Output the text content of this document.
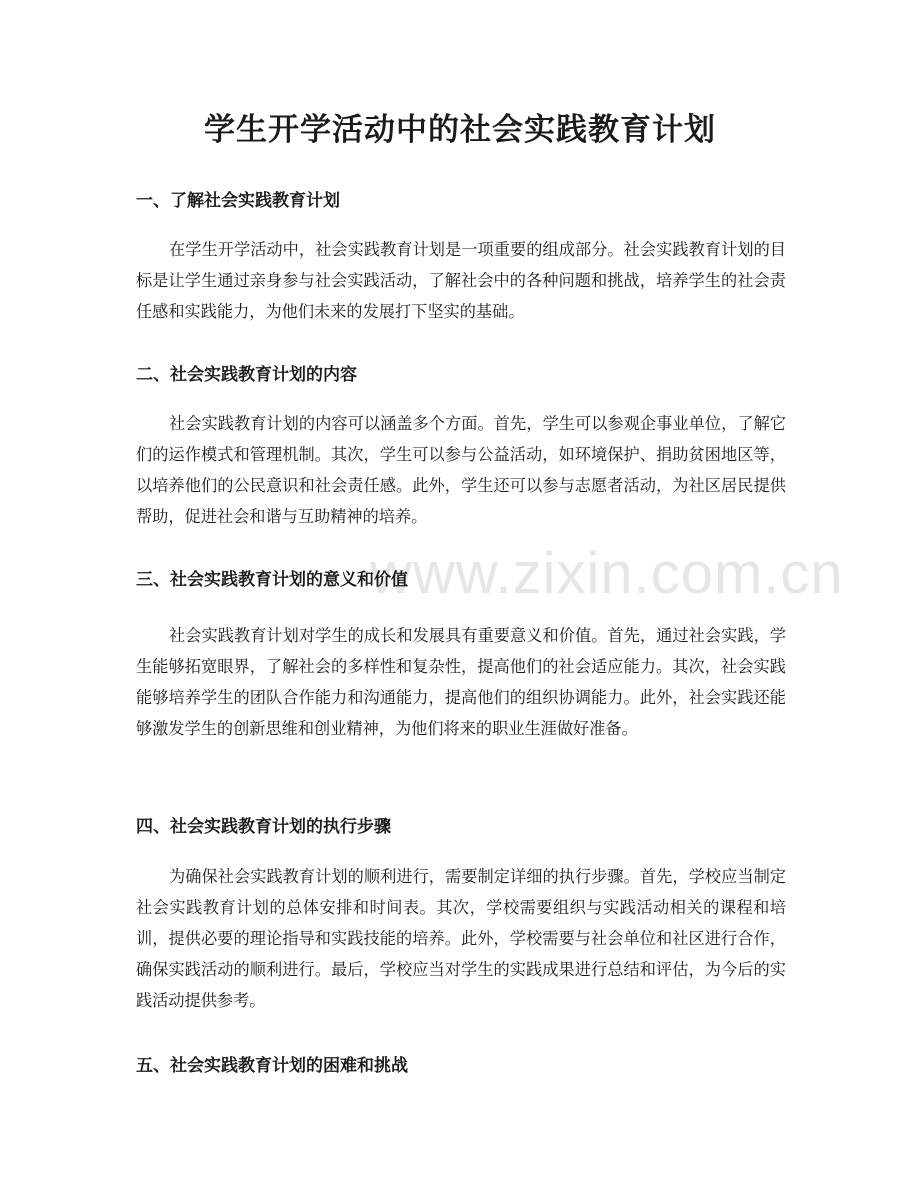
www.zixin.com.cn
学生开学活动中的社会实践教育计划
一、了解社会实践教育计划

在学生开学活动中，社会实践教育计划是一项重要的组成部分。社会实践教育计划的目标是让学生通过亲身参与社会实践活动，了解社会中的各种问题和挑战，培养学生的社会责任感和实践能力，为他们未来的发展打下坚实的基础。

二、社会实践教育计划的内容

社会实践教育计划的内容可以涵盖多个方面。首先，学生可以参观企事业单位，了解它们的运作模式和管理机制。其次，学生可以参与公益活动，如环境保护、捐助贫困地区等，以培养他们的公民意识和社会责任感。此外，学生还可以参与志愿者活动，为社区居民提供帮助，促进社会和谐与互助精神的培养。

三、社会实践教育计划的意义和价值

社会实践教育计划对学生的成长和发展具有重要意义和价值。首先，通过社会实践，学生能够拓宽眼界，了解社会的多样性和复杂性，提高他们的社会适应能力。其次，社会实践能够培养学生的团队合作能力和沟通能力，提高他们的组织协调能力。此外，社会实践还能够激发学生的创新思维和创业精神，为他们将来的职业生涯做好准备。

四、社会实践教育计划的执行步骤

为确保社会实践教育计划的顺利进行，需要制定详细的执行步骤。首先，学校应当制定社会实践教育计划的总体安排和时间表。其次，学校需要组织与实践活动相关的课程和培训，提供必要的理论指导和实践技能的培养。此外，学校需要与社会单位和社区进行合作，确保实践活动的顺利进行。最后，学校应当对学生的实践成果进行总结和评估，为今后的实践活动提供参考。

五、社会实践教育计划的困难和挑战
